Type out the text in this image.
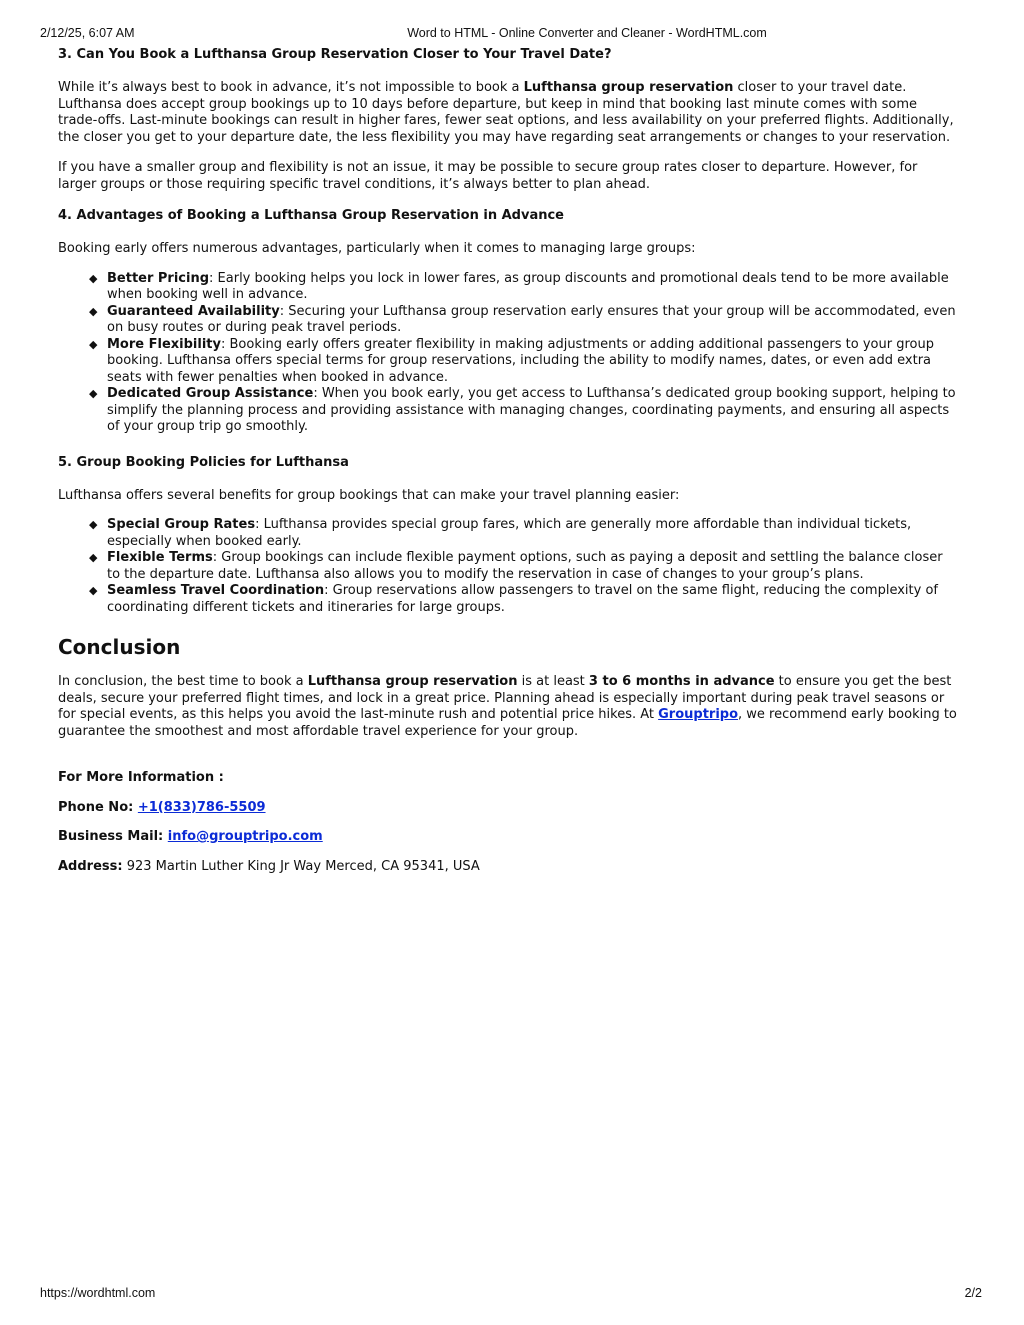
2/12/25, 6:07 AM	Word to HTML - Online Converter and Cleaner - WordHTML.com
3. Can You Book a Lufthansa Group Reservation Closer to Your Travel Date?

While it’s always best to book in advance, it’s not impossible to book a Lufthansa group reservation closer to your travel date. Lufthansa does accept group bookings up to 10 days before departure, but keep in mind that booking last minute comes with some trade-offs. Last-minute bookings can result in higher fares, fewer seat options, and less availability on your preferred flights. Additionally, the closer you get to your departure date, the less flexibility you may have regarding seat arrangements or changes to your reservation.

If you have a smaller group and flexibility is not an issue, it may be possible to secure group rates closer to departure. However, for larger groups or those requiring specific travel conditions, it’s always better to plan ahead.

4. Advantages of Booking a Lufthansa Group Reservation in Advance

Booking early offers numerous advantages, particularly when it comes to managing large groups:

◆ Better Pricing: Early booking helps you lock in lower fares, as group discounts and promotional deals tend to be more available when booking well in advance.
◆ Guaranteed Availability: Securing your Lufthansa group reservation early ensures that your group will be accommodated, even on busy routes or during peak travel periods.
◆ More Flexibility: Booking early offers greater flexibility in making adjustments or adding additional passengers to your group booking. Lufthansa offers special terms for group reservations, including the ability to modify names, dates, or even add extra seats with fewer penalties when booked in advance.
◆ Dedicated Group Assistance: When you book early, you get access to Lufthansa’s dedicated group booking support, helping to simplify the planning process and providing assistance with managing changes, coordinating payments, and ensuring all aspects of your group trip go smoothly.
5. Group Booking Policies for Lufthansa

Lufthansa offers several benefits for group bookings that can make your travel planning easier:

◆ Special Group Rates: Lufthansa provides special group fares, which are generally more affordable than individual tickets, especially when booked early.
◆ Flexible Terms: Group bookings can include flexible payment options, such as paying a deposit and settling the balance closer to the departure date. Lufthansa also allows you to modify the reservation in case of changes to your group’s plans.
◆ Seamless Travel Coordination: Group reservations allow passengers to travel on the same flight, reducing the complexity of coordinating different tickets and itineraries for large groups.
Conclusion

In conclusion, the best time to book a Lufthansa group reservation is at least 3 to 6 months in advance to ensure you get the best deals, secure your preferred flight times, and lock in a great price. Planning ahead is especially important during peak travel seasons or for special events, as this helps you avoid the last-minute rush and potential price hikes. At Grouptripo, we recommend early booking to guarantee the smoothest and most affordable travel experience for your group.

For More Information :

Phone No: +1(833)786-5509

Business Mail: info@grouptripo.com

Address: 923 Martin Luther King Jr Way Merced, CA 95341, USA

https://wordhtml.com	2/2
